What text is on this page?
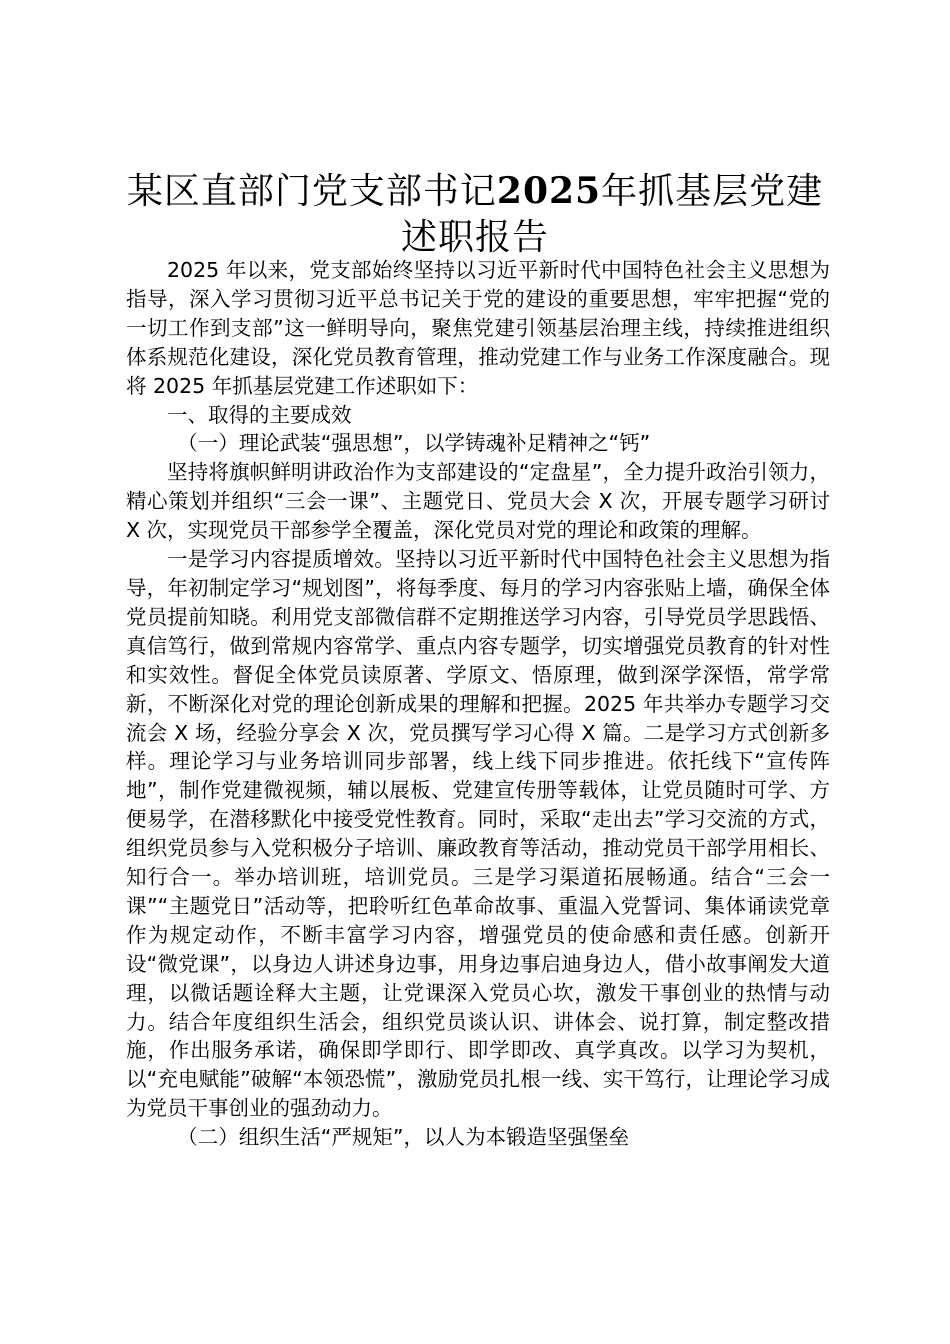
某区直部门党支部书记2025年抓基层党建述职报告

2025 年以来，党支部始终坚持以习近平新时代中国特色社会主义思想为指导，深入学习贯彻习近平总书记关于党的建设的重要思想，牢牢把握“党的一切工作到支部”这一鲜明导向，聚焦党建引领基层治理主线，持续推进组织体系规范化建设，深化党员教育管理，推动党建工作与业务工作深度融合。现将 2025 年抓基层党建工作述职如下：

一、取得的主要成效

（一）理论武装“强思想”，以学铸魂补足精神之“钙”

坚持将旗帜鲜明讲政治作为支部建设的“定盘星”，全力提升政治引领力，精心策划并组织“三会一课”、主题党日、党员大会 X 次，开展专题学习研讨 X 次，实现党员干部参学全覆盖，深化党员对党的理论和政策的理解。

一是学习内容提质增效。坚持以习近平新时代中国特色社会主义思想为指导，年初制定学习“规划图”，将每季度、每月的学习内容张贴上墙，确保全体党员提前知晓。利用党支部微信群不定期推送学习内容，引导党员学思践悟、真信笃行，做到常规内容常学、重点内容专题学，切实增强党员教育的针对性和实效性。督促全体党员读原著、学原文、悟原理，做到深学深悟，常学常新，不断深化对党的理论创新成果的理解和把握。2025 年共举办专题学习交流会 X 场，经验分享会 X 次，党员撰写学习心得 X 篇。二是学习方式创新多样。理论学习与业务培训同步部署，线上线下同步推进。依托线下“宣传阵地”，制作党建微视频，辅以展板、党建宣传册等载体，让党员随时可学、方便易学，在潜移默化中接受党性教育。同时，采取“走出去”学习交流的方式，组织党员参与入党积极分子培训、廉政教育等活动，推动党员干部学用相长、知行合一。举办培训班，培训党员。三是学习渠道拓展畅通。结合“三会一课”“主题党日”活动等，把聆听红色革命故事、重温入党誓词、集体诵读党章作为规定动作，不断丰富学习内容，增强党员的使命感和责任感。创新开设“微党课”，以身边人讲述身边事，用身边事启迪身边人，借小故事阐发大道理，以微话题诠释大主题，让党课深入党员心坎，激发干事创业的热情与动力。结合年度组织生活会，组织党员谈认识、讲体会、说打算，制定整改措施，作出服务承诺，确保即学即行、即学即改、真学真改。以学习为契机，以“充电赋能”破解“本领恐慌”，激励党员扎根一线、实干笃行，让理论学习成为党员干事创业的强劲动力。

（二）组织生活“严规矩”，以人为本锻造坚强堡垒
